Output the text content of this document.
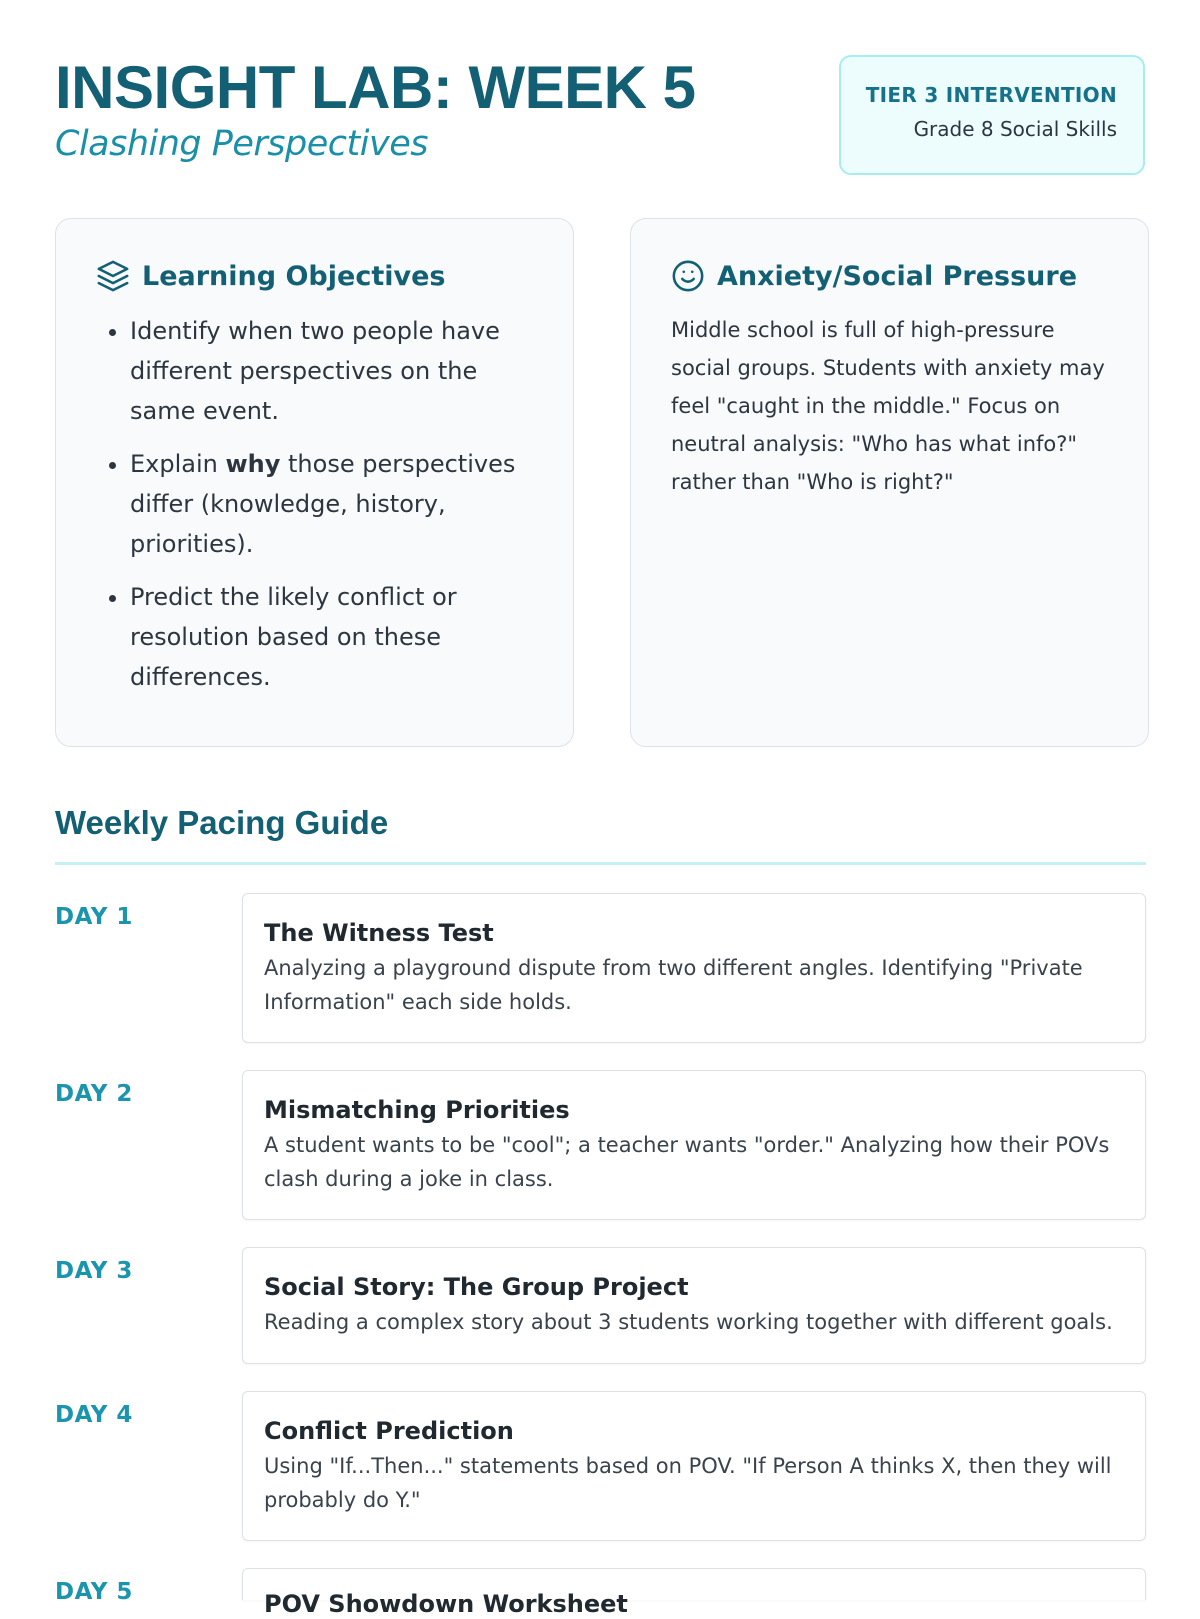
INSIGHT LAB: WEEK 5
Clashing Perspectives
TIER 3 INTERVENTION
Grade 8 Social Skills
Learning Objectives
• Identify when two people have different perspectives on the same event.
• Explain why those perspectives differ (knowledge, history, priorities).
• Predict the likely conflict or resolution based on these differences.
Anxiety/Social Pressure

Middle school is full of high-pressure social groups. Students with anxiety may feel "caught in the middle." Focus on neutral analysis: "Who has what info?" rather than "Who is right?"

Weekly Pacing Guide
DAY 1
The Witness Test
Analyzing a playground dispute from two different angles. Identifying "Private Information" each side holds.
DAY 2
Mismatching Priorities
A student wants to be "cool"; a teacher wants "order." Analyzing how their POVs clash during a joke in class.
DAY 3
Social Story: The Group Project
Reading a complex story about 3 students working together with different goals.
DAY 4
Conflict Prediction
Using "If...Then..." statements based on POV. "If Person A thinks X, then they will probably do Y."
DAY 5	POV Showdown Worksheet
